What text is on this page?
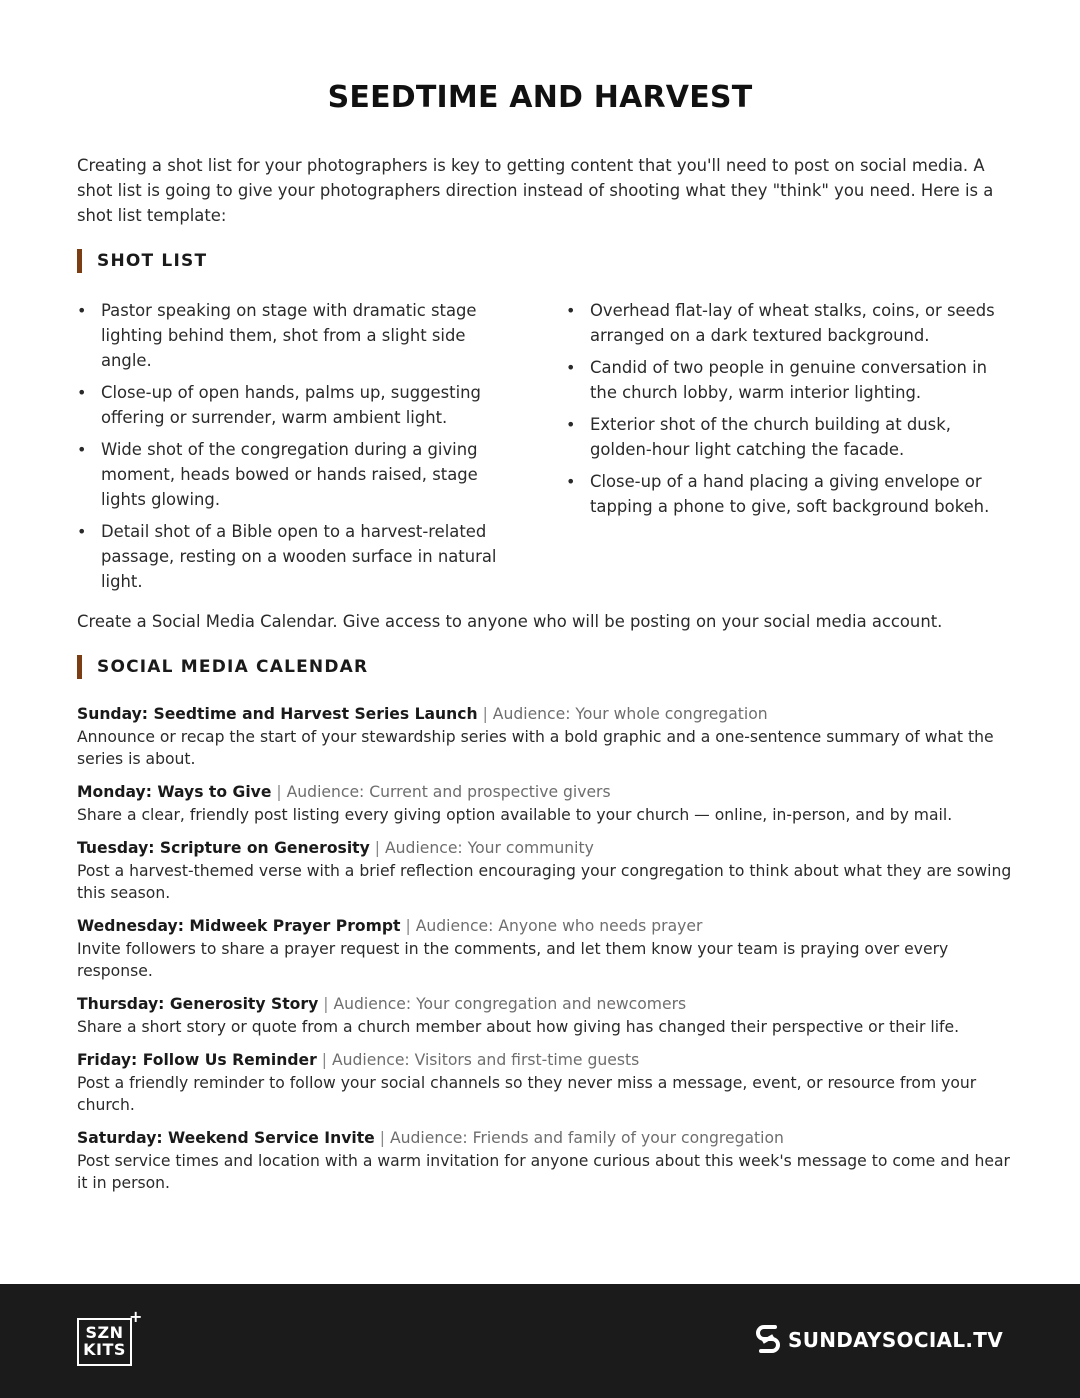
SEEDTIME AND HARVEST

Creating a shot list for your photographers is key to getting content that you'll need to post on social media. A shot list is going to give your photographers direction instead of shooting what they "think" you need. Here is a shot list template:

SHOT LIST
• Pastor speaking on stage with dramatic stage lighting behind them, shot from a slight side angle.
• Close-up of open hands, palms up, suggesting offering or surrender, warm ambient light.
• Wide shot of the congregation during a giving moment, heads bowed or hands raised, stage lights glowing.
• Detail shot of a Bible open to a harvest-related passage, resting on a wooden surface in natural light.
• Overhead flat-lay of wheat stalks, coins, or seeds arranged on a dark textured background.
• Candid of two people in genuine conversation in the church lobby, warm interior lighting.
• Exterior shot of the church building at dusk, golden-hour light catching the facade.
• Close-up of a hand placing a giving envelope or tapping a phone to give, soft background bokeh.

Create a Social Media Calendar. Give access to anyone who will be posting on your social media account.

SOCIAL MEDIA CALENDAR
Sunday: Seedtime and Harvest Series Launch | Audience: Your whole congregation
Announce or recap the start of your stewardship series with a bold graphic and a one-sentence summary of what the series is about.
Monday: Ways to Give | Audience: Current and prospective givers
Share a clear, friendly post listing every giving option available to your church — online, in-person, and by mail.
Tuesday: Scripture on Generosity | Audience: Your community
Post a harvest-themed verse with a brief reflection encouraging your congregation to think about what they are sowing this season.
Wednesday: Midweek Prayer Prompt | Audience: Anyone who needs prayer
Invite followers to share a prayer request in the comments, and let them know your team is praying over every response.
Thursday: Generosity Story | Audience: Your congregation and newcomers
Share a short story or quote from a church member about how giving has changed their perspective or their life.
Friday: Follow Us Reminder | Audience: Visitors and first-time guests
Post a friendly reminder to follow your social channels so they never miss a message, event, or resource from your church.
Saturday: Weekend Service Invite | Audience: Friends and family of your congregation
Post service times and location with a warm invitation for anyone curious about this week's message to come and hear it in person.
SZN
KITS
+
SUNDAYSOCIAL.TV
